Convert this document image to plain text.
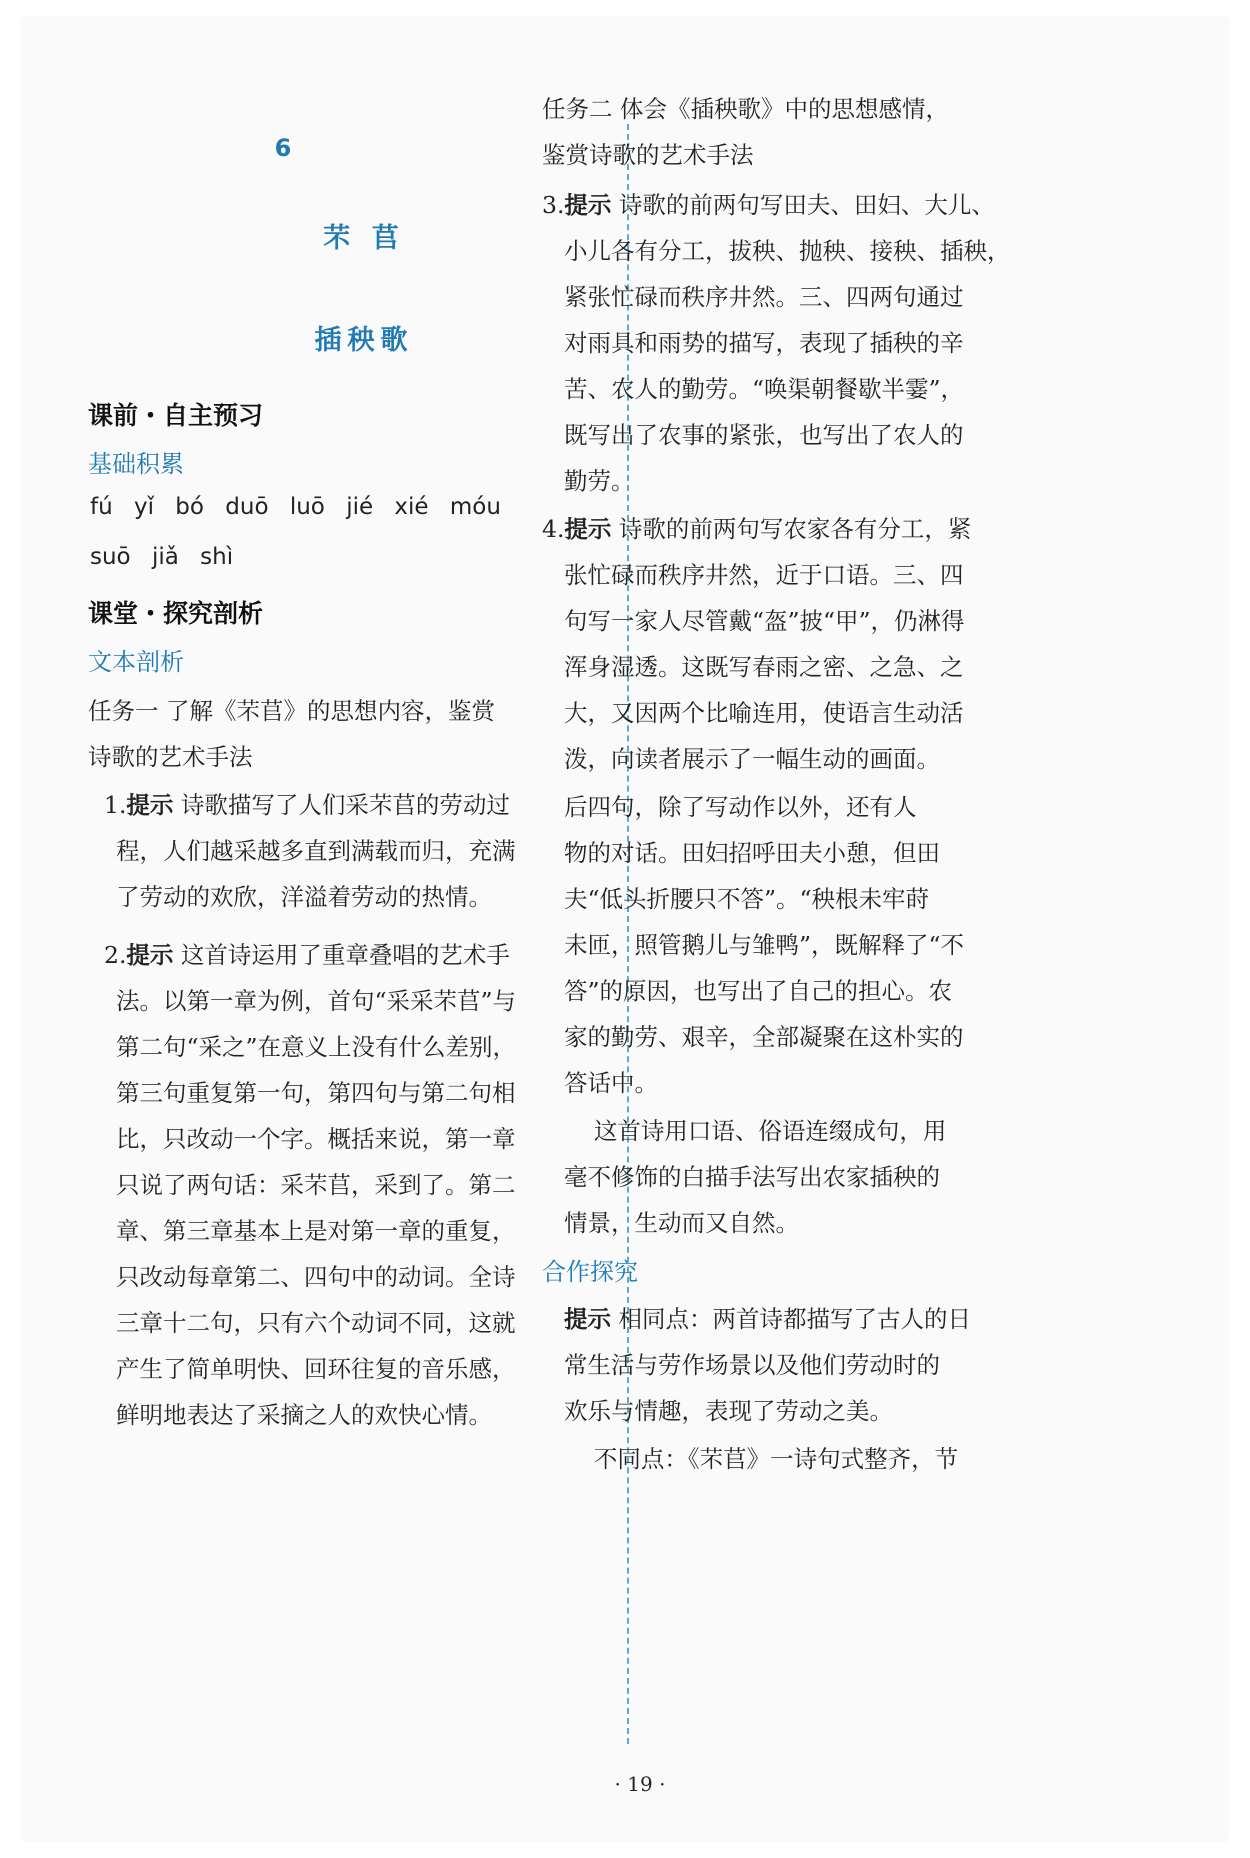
6
芣 苢
插秧歌
课前・自主预习
基础积累
fú yǐ bó duō luō jié xié móu
suō jiǎ shì
课堂・探究剖析
文本剖析
任务一 了解《芣苢》的思想内容，鉴赏
诗歌的艺术手法
1.提示 诗歌描写了人们采芣苢的劳动过
程，人们越采越多直到满载而归，充满
了劳动的欢欣，洋溢着劳动的热情。
2.提示 这首诗运用了重章叠唱的艺术手
法。以第一章为例，首句“采采芣苢”与
第二句“采之”在意义上没有什么差别，
第三句重复第一句，第四句与第二句相
比，只改动一个字。概括来说，第一章
只说了两句话：采芣苢，采到了。第二
章、第三章基本上是对第一章的重复，
只改动每章第二、四句中的动词。全诗
三章十二句，只有六个动词不同，这就
产生了简单明快、回环往复的音乐感，
鲜明地表达了采摘之人的欢快心情。
任务二 体会《插秧歌》中的思想感情，
鉴赏诗歌的艺术手法
3.提示 诗歌的前两句写田夫、田妇、大儿、
小儿各有分工，拔秧、抛秧、接秧、插秧，
紧张忙碌而秩序井然。三、四两句通过
对雨具和雨势的描写，表现了插秧的辛
苦、农人的勤劳。“唤渠朝餐歇半霎”，
既写出了农事的紧张，也写出了农人的
勤劳。
4.提示 诗歌的前两句写农家各有分工，紧
张忙碌而秩序井然，近于口语。三、四
句写一家人尽管戴“盔”披“甲”，仍淋得
浑身湿透。这既写春雨之密、之急、之
大，又因两个比喻连用，使语言生动活
泼，向读者展示了一幅生动的画面。
后四句，除了写动作以外，还有人
物的对话。田妇招呼田夫小憩，但田
夫“低头折腰只不答”。“秧根未牢莳
未匝，照管鹅儿与雏鸭”，既解释了“不
答”的原因，也写出了自己的担心。农
家的勤劳、艰辛，全部凝聚在这朴实的
答话中。
这首诗用口语、俗语连缀成句，用
毫不修饰的白描手法写出农家插秧的
情景，生动而又自然。
合作探究
提示 相同点：两首诗都描写了古人的日
常生活与劳作场景以及他们劳动时的
欢乐与情趣，表现了劳动之美。
不同点：《芣苢》一诗句式整齐，节
· 19 ·
